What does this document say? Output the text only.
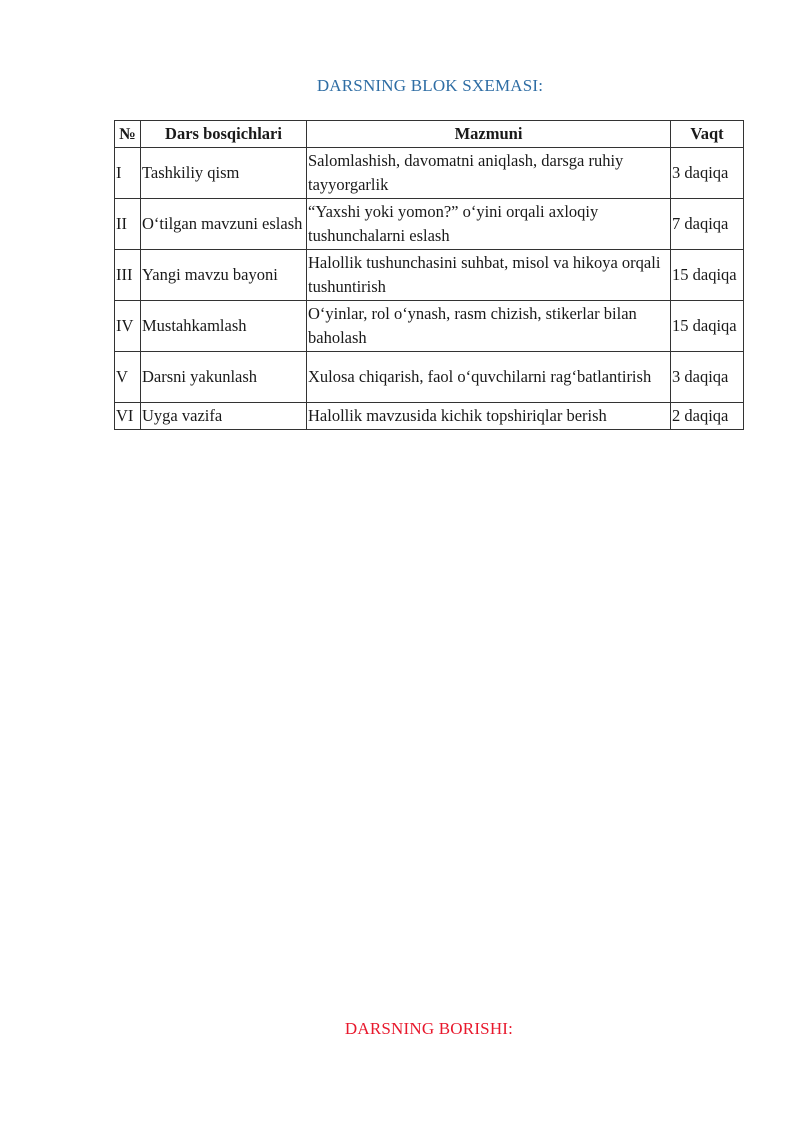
DARSNING BLOK SXEMASI:
№	Dars bosqichlari	Mazmuni	Vaqt
I	Tashkiliy qism	Salomlashish, davomatni aniqlash, darsga ruhiy tayyorgarlik	3 daqiqa
II	O‘tilgan mavzuni eslash	“Yaxshi yoki yomon?” o‘yini orqali axloqiy tushunchalarni eslash	7 daqiqa
III	Yangi mavzu bayoni	Halollik tushunchasini suhbat, misol va hikoya orqali tushuntirish	15 daqiqa
IV	Mustahkamlash	O‘yinlar, rol o‘ynash, rasm chizish, stikerlar bilan baholash	15 daqiqa
V	Darsni yakunlash	Xulosa chiqarish, faol o‘quvchilarni rag‘batlantirish	3 daqiqa
VI	Uyga vazifa	Halollik mavzusida kichik topshiriqlar berish	2 daqiqa
DARSNING BORISHI:
